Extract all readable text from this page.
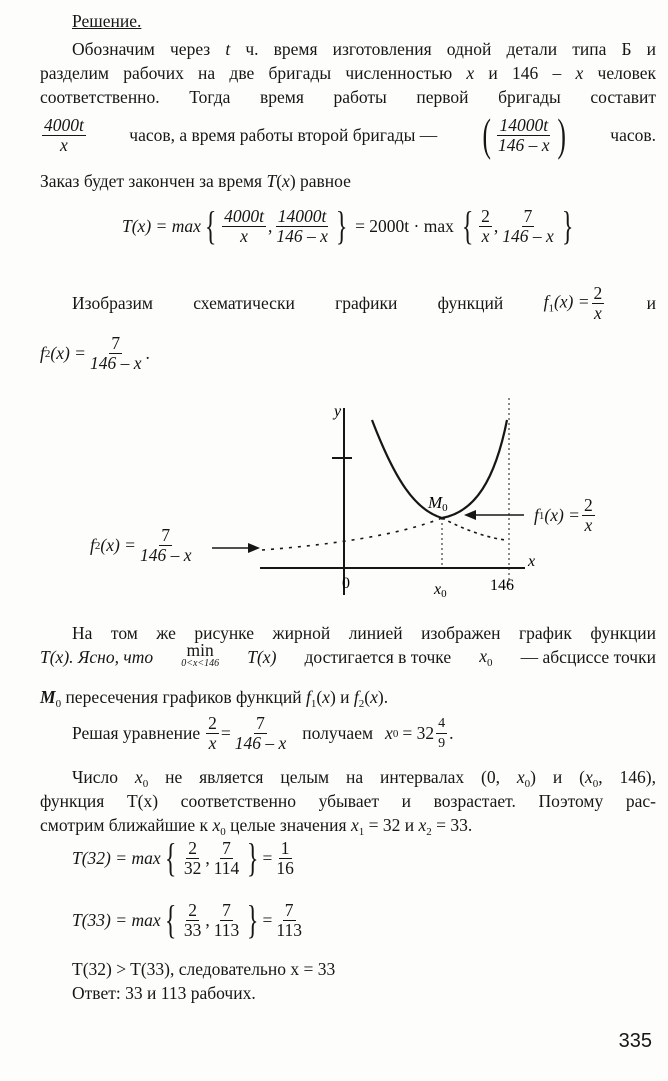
Решение.
Обозначим через t ч. время изготовления одной детали типа Б и
разделим рабочих на две бригады численностью x и 146 – x человек
соответственно. Тогда время работы первой бригады составит
$\frac{4000t}{x}$ часов, а время работы второй бригады — ( $\frac{14000t}{146 - x}$ )	часов.
Заказ будет закончен за время T(x) равное
T(x) = max { $\frac{4000t}{x}$ , $\frac{14000t}{146 - x}$ } = 2000t · max { $\frac{2}{x}$ , $\frac{7}{146 - x}$ }
Изобразим схематически графики функций $f_1(x) = \frac{2}{x}$ и
f 2 $(x) = \frac{7}{146 - x}$ .
y
x
0	x0	146
M0
f 2 $(x) = \frac{7}{146 - x}$
f 1 $(x) = \frac{2}{x}$
На том же рисунке жирной линией изображен график функции
T(x). Ясно, что min
0<x<146 T(x) достигается в точке $x_0$ — абсциссе точки
$M_0$ пересечения графиков функций $f_1(x)$ и $f_2(x)$.
Решая уравнение $\frac{2}{x} = \frac{7}{146 - x}$ получаем x $0 = 32 \frac{4}{9}$ .
Число $x_0$ не является целым на интервалах (0, $x_0$) и ($x_0$, 146),
функция T(x) соответственно убывает и возрастает. Поэтому рас-
смотрим ближайшие к $x_0$ целые значения $x_1 = 32$ и $x_2 = 33$.
T(32) = max { $\frac{2}{32}$ , $\frac{7}{114}$ } = $\frac{1}{16}$
T(33) = max { $\frac{2}{33}$ , $\frac{7}{113}$ } = $\frac{7}{113}$
T(32) > T(33), следовательно x = 33
Ответ: 33 и 113 рабочих.
335
